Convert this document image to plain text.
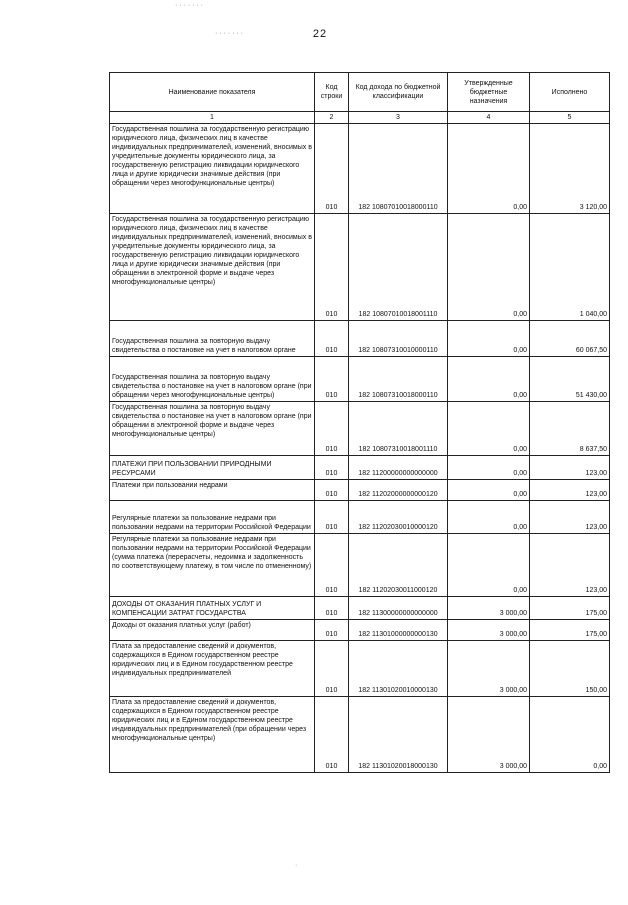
· · · · · · ·
· · · · · · ·	22
Наименование показателя	Код строки	Код дохода по бюджетной классификации	Утвержденные бюджетные назначения	Исполнено
1	2	3	4	5
Государственная пошлина за государственную регистрацию юридического лица, физических лиц в качестве индивидуальных предпринимателей, изменений, вносимых в учредительные документы юридического лица, за государственную регистрацию ликвидации юридического лица и другие юридически значимые действия (при обращении через многофункциональные центры)	010	182 10807010018000110	0,00	3 120,00
Государственная пошлина за государственную регистрацию юридического лица, физических лиц в качестве индивидуальных предпринимателей, изменений, вносимых в учредительные документы юридического лица, за государственную регистрацию ликвидации юридического лица и другие юридически значимые действия (при обращении в электронной форме и выдаче через многофункциональные центры)	010	182 10807010018001110	0,00	1 040,00
Государственная пошлина за повторную выдачу свидетельства о постановке на учет в налоговом органе	010	182 10807310010000110	0,00	60 067,50
Государственная пошлина за повторную выдачу свидетельства о постановке на учет в налоговом органе (при обращении через многофункциональные центры)	010	182 10807310018000110	0,00	51 430,00
Государственная пошлина за повторную выдачу свидетельства о постановке на учет в налоговом органе (при обращении в электронной форме и выдаче через многофункциональные центры)	010	182 10807310018001110	0,00	8 637,50
ПЛАТЕЖИ ПРИ ПОЛЬЗОВАНИИ ПРИРОДНЫМИ РЕСУРСАМИ	010	182 11200000000000000	0,00	123,00
Платежи при пользовании недрами	010	182 11202000000000120	0,00	123,00
Регулярные платежи за пользование недрами при пользовании недрами на территории Российской Федерации	010	182 11202030010000120	0,00	123,00
Регулярные платежи за пользование недрами при пользовании недрами на территории Российской Федерации (сумма платежа (перерасчеты, недоимка и задолженность по соответствующему платежу, в том числе по отмененному)	010	182 11202030011000120	0,00	123,00
ДОХОДЫ ОТ ОКАЗАНИЯ ПЛАТНЫХ УСЛУГ И КОМПЕНСАЦИИ ЗАТРАТ ГОСУДАРСТВА	010	182 11300000000000000	3 000,00	175,00
Доходы от оказания платных услуг (работ)	010	182 11301000000000130	3 000,00	175,00
Плата за предоставление сведений и документов, содержащихся в Едином государственном реестре юридических лиц и в Едином государственном реестре индивидуальных предпринимателей	010	182 11301020010000130	3 000,00	150,00
Плата за предоставление сведений и документов, содержащихся в Едином государственном реестре юридических лиц и в Едином государственном реестре индивидуальных предпринимателей (при обращении через многофункциональные центры)	010	182 11301020018000130	3 000,00	0,00
·
